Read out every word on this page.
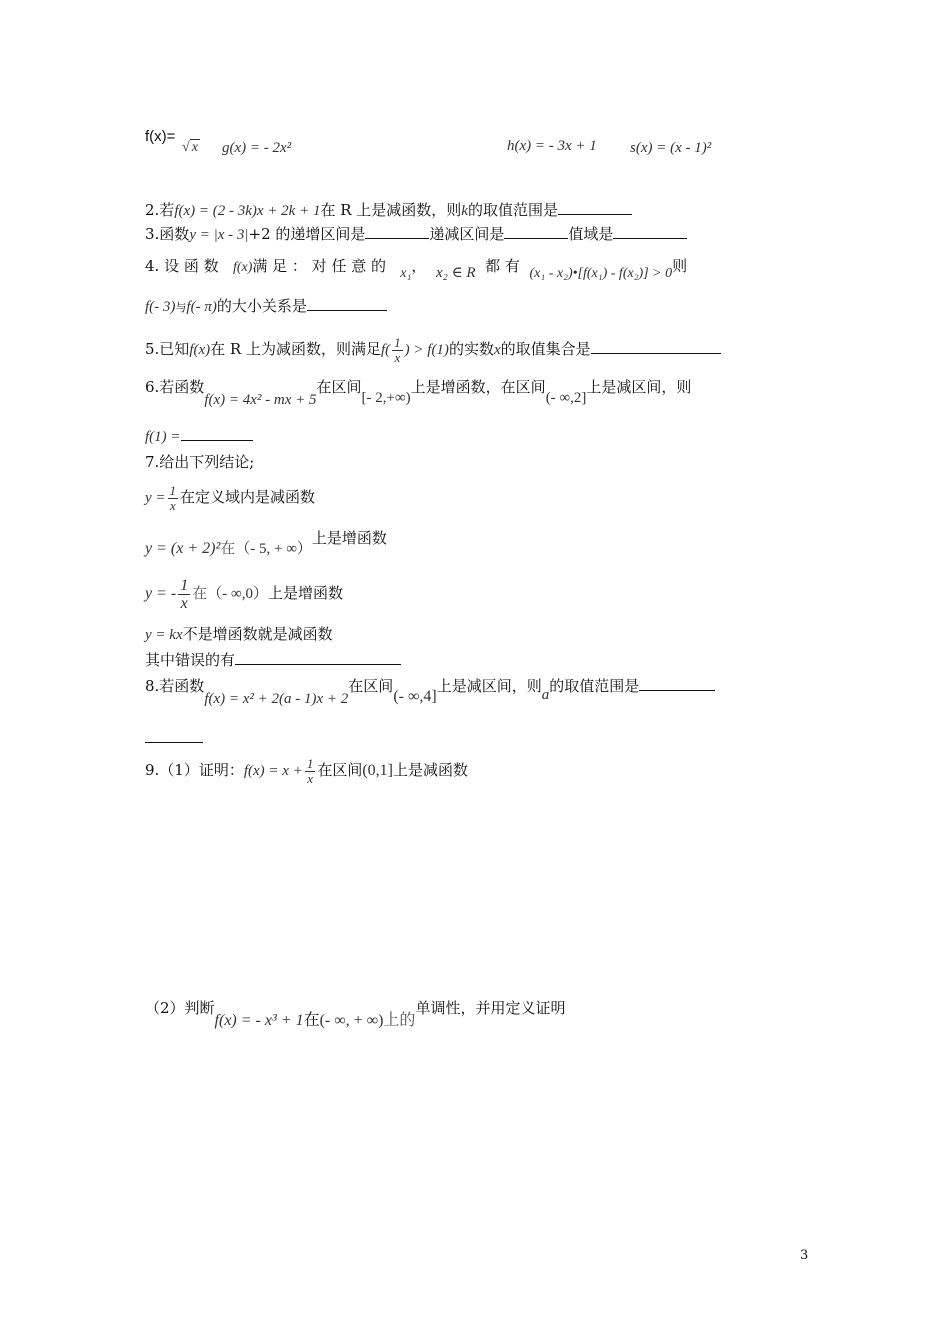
f(x)=
√ x g(x) = - 2x²	h(x) = - 3x + 1 s(x) = (x - 1)²
2.若f(x) = (2 - 3k)x + 2k + 1在 R 上是减函数，则k的取值范围是
3.函数y = |x - 3|+2 的递增区间是	递减区间是	值域是
4. 设 函 数 f(x)满 足 ： 对 任 意 的 x₁， x₂ ∈ R 都 有 (x₁ - x₂)•[f(x₁) - f(x₂)] > 0则
f(- 3)与f(- π)的大小关系是
5.已知f(x)在 R 上为减函数，则满足$f( \frac{1}{x}$ ) > f(1)的实数x的取值集合是
6.若函数f(x) = 4x² - mx + 5在区间[- 2,+∞)上是增函数，在区间(- ∞,2]上是减区间，则
f(1) =
7.给出下列结论;
$y = \frac{1}{x}$ 在定义域内是减函数
y = (x + 2)²在（- 5, + ∞）上是增函数
y = - $\frac{1}{x}$ 在（- ∞,0）上是增函数
y = kx不是增函数就是减函数
其中错误的有
8.若函数f(x) = x² + 2(a - 1)x + 2在区间(- ∞,4]上是减区间，则a的取值范围是
9.（1）证明：$f(x) = x + \frac{1}{x}$ 在区间(0,1]上是减函数
（2）判断f(x) = - x³ + 1在(- ∞, + ∞)上的单调性，并用定义证明
3
